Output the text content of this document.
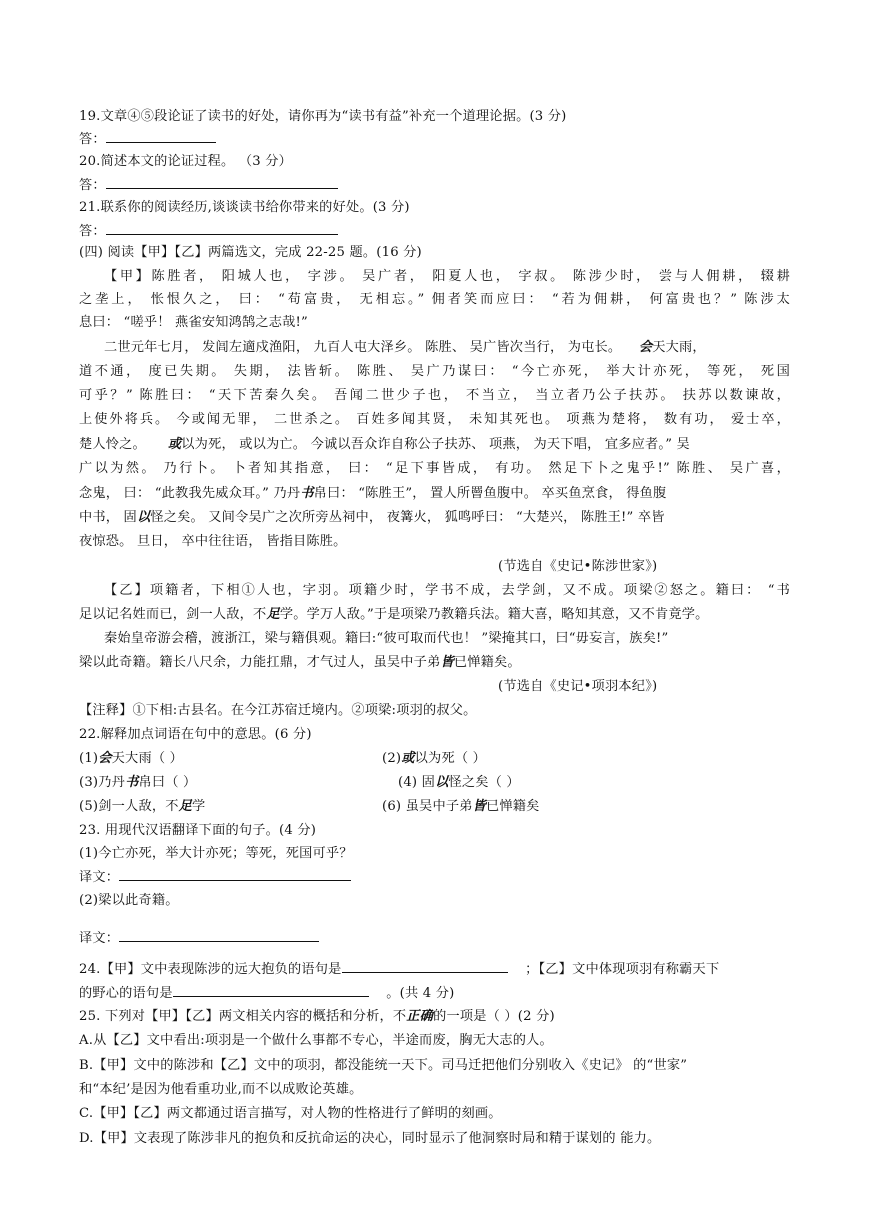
19.文章④⑤段论证了读书的好处，请你再为“读书有益”补充一个道理论据。(3 分)
答：
20.简述本文的论证过程。 （3 分）
答：
21.联系你的阅读经历,谈谈读书给你带来的好处。(3 分)
答：
(四) 阅读【甲】【乙】两篇选文，完成 22-25 题。(16 分)
【甲】陈胜者， 阳城人也， 字涉。 吴广者， 阳夏人也， 字叔。 陈涉少时， 尝与人佣耕， 辍耕
之垄上， 怅恨久之， 曰： “苟富贵， 无相忘。” 佣者笑而应曰： “若为佣耕， 何富贵也？” 陈涉太
息曰： “嗟乎！ 燕雀安知鸿鹄之志哉!”
二世元年七月， 发闾左適戍渔阳， 九百人屯大泽乡。 陈胜、 吴广皆次当行， 为屯长。 会天大雨，
道不通， 度已失期。 失期， 法皆斩。 陈胜、 吴广乃谋曰： “今亡亦死， 举大计亦死， 等死， 死国
可乎？” 陈胜曰： “天下苦秦久矣。 吾闻二世少子也， 不当立， 当立者乃公子扶苏。 扶苏以数谏故，
上使外将兵。 今或闻无罪， 二世杀之。 百姓多闻其贤， 未知其死也。 项燕为楚将， 数有功， 爱士卒，
楚人怜之。 或以为死， 或以为亡。 今诚以吾众诈自称公子扶苏、 项燕， 为天下唱， 宜多应者。” 吴
广以为然。 乃行卜。 卜者知其指意， 曰： “足下事皆成， 有功。 然足下卜之鬼乎!” 陈胜、 吴广喜，
念鬼， 曰： “此教我先威众耳。” 乃丹书帛曰： “陈胜王”， 置人所罾鱼腹中。 卒买鱼烹食， 得鱼腹
中书， 固以怪之矣。 又间令吴广之次所旁丛祠中， 夜篝火， 狐鸣呼曰： “大楚兴， 陈胜王!” 卒皆
夜惊恐。 旦日， 卒中往往语， 皆指目陈胜。
(节选自《史记•陈涉世家》)
【乙】项籍者，下相①人也，字羽。项籍少时，学书不成，去学剑，又不成。项梁②怒之。籍曰： “书
足以记名姓而已，剑一人敌，不足学。学万人敌。”于是项梁乃教籍兵法。籍大喜，略知其意，又不肯竟学。
秦始皇帝游会稽，渡浙江，梁与籍俱观。籍曰:“彼可取而代也！ ”梁掩其口，曰“毋妄言，族矣!”
梁以此奇籍。籍长八尺余，力能扛鼎，才气过人，虽吴中子弟皆已惮籍矣。
(节选自《史记•项羽本纪》)
【注释】①下相:古县名。在今江苏宿迁境内。②项梁:项羽的叔父。
22.解释加点词语在句中的意思。(6 分)
(1)会天大雨（ ）	(2)或以为死（ ）
(3)乃丹书帛曰（ ）	(4) 固以怪之矣（ ）
(5)剑一人敌，不足学	(6) 虽吴中子弟皆已惮籍矣
23. 用现代汉语翻译下面的句子。(4 分)
(1)今亡亦死，举大计亦死；等死，死国可乎？
译文：
(2)梁以此奇籍。
译文：
24.【甲】文中表现陈涉的远大抱负的语句是	；【乙】文中体现项羽有称霸天下
的野心的语句是	。(共 4 分)
25. 下列对【甲】【乙】两文相关内容的概括和分析，不正确的一项是（ ）(2 分)
A.从【乙】文中看出:项羽是一个做什么事都不专心，半途而废，胸无大志的人。
B.【甲】文中的陈涉和【乙】文中的项羽，都没能统一天下。司马迁把他们分别收入《史记》 的“世家”
和“本纪’是因为他看重功业,而不以成败论英雄。
C.【甲】【乙】两文都通过语言描写，对人物的性格进行了鲜明的刻画。
D.【甲】文表现了陈涉非凡的抱负和反抗命运的决心，同时显示了他洞察时局和精于谋划的 能力。
